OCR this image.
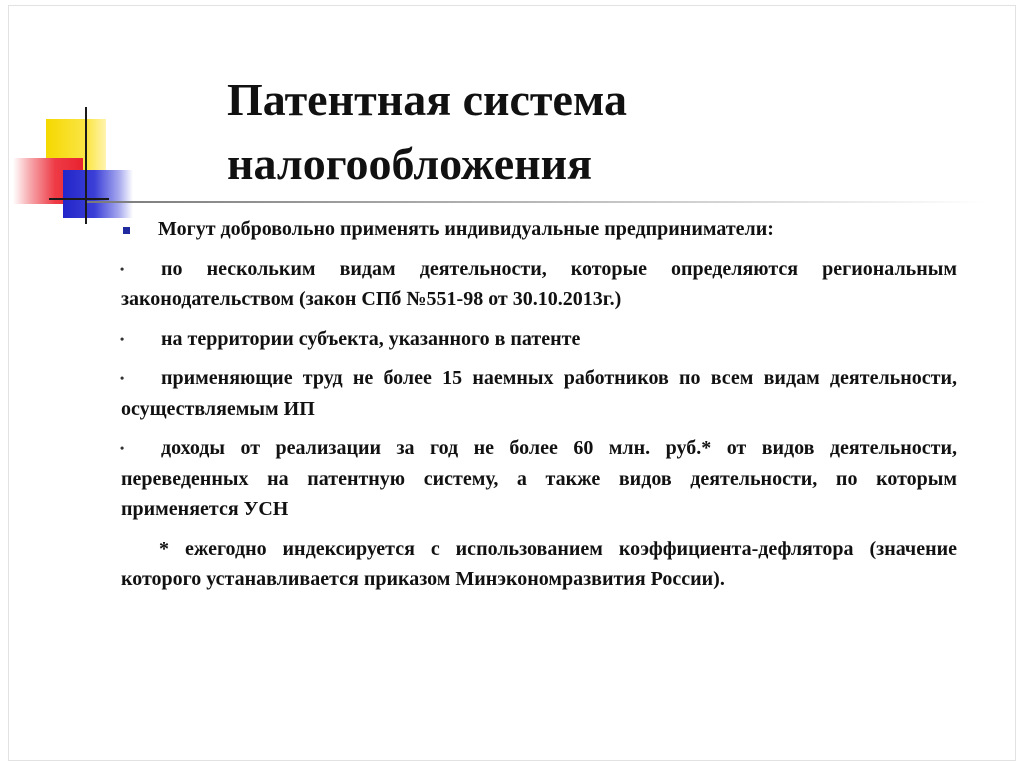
Патентная система
налогообложения
Могут добровольно применять индивидуальные предприниматели:
• по нескольким видам деятельности, которые определяются региональным законодательством (закон СПб №551-98 от 30.10.2013г.)
• на территории субъекта, указанного в патенте
• применяющие труд не более 15 наемных работников по всем видам деятельности, осуществляемым ИП
• доходы от реализации за год не более 60 млн. руб.* от видов деятельности, переведенных на патентную систему, а также видов деятельности, по которым применяется УСН
* ежегодно индексируется с использованием коэффициента-дефлятора (значение которого устанавливается приказом Минэкономразвития России).
